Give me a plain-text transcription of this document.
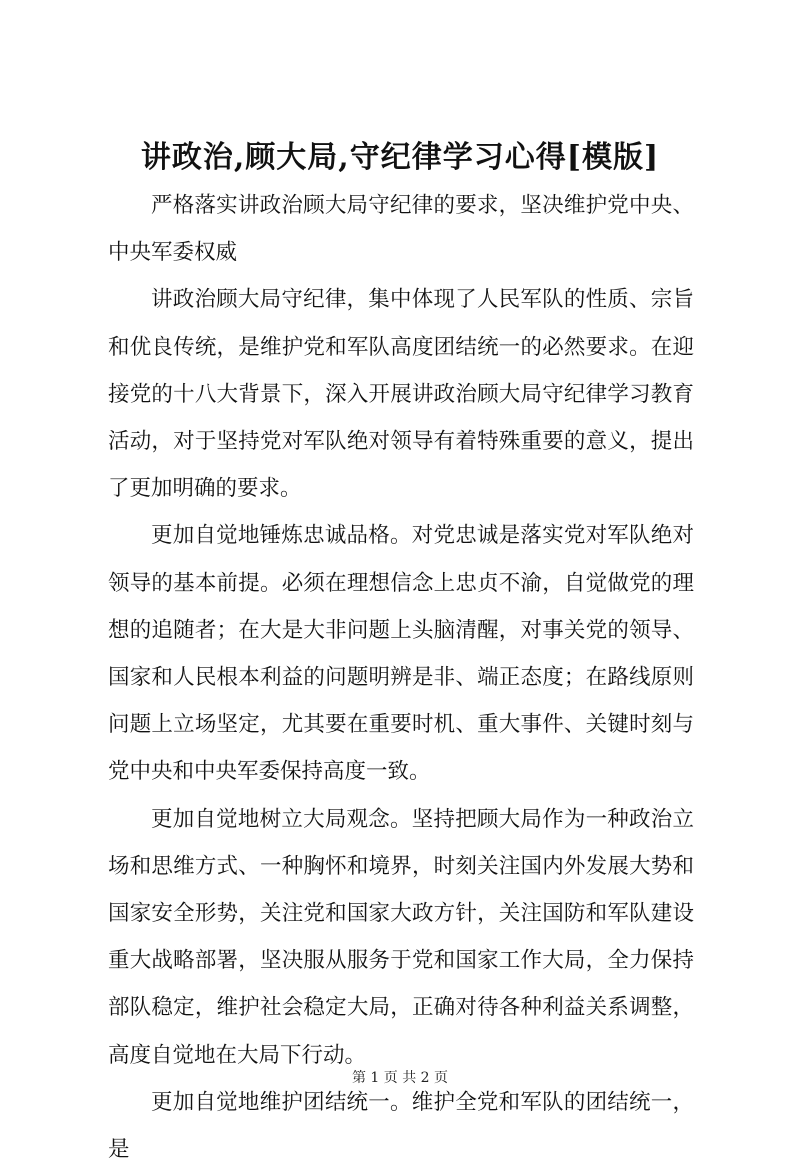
讲政治,顾大局,守纪律学习心得[模版]

严格落实讲政治顾大局守纪律的要求，坚决维护党中央、中央军委权威

讲政治顾大局守纪律，集中体现了人民军队的性质、宗旨和优良传统，是维护党和军队高度团结统一的必然要求。在迎接党的十八大背景下，深入开展讲政治顾大局守纪律学习教育活动，对于坚持党对军队绝对领导有着特殊重要的意义，提出了更加明确的要求。

更加自觉地锤炼忠诚品格。对党忠诚是落实党对军队绝对领导的基本前提。必须在理想信念上忠贞不渝，自觉做党的理想的追随者；在大是大非问题上头脑清醒，对事关党的领导、国家和人民根本利益的问题明辨是非、端正态度；在路线原则问题上立场坚定，尤其要在重要时机、重大事件、关键时刻与党中央和中央军委保持高度一致。

更加自觉地树立大局观念。坚持把顾大局作为一种政治立场和思维方式、一种胸怀和境界，时刻关注国内外发展大势和国家安全形势，关注党和国家大政方针，关注国防和军队建设重大战略部署，坚决服从服务于党和国家工作大局，全力保持部队稳定，维护社会稳定大局，正确对待各种利益关系调整，高度自觉地在大局下行动。

更加自觉地维护团结统一。维护全党和军队的团结统一，是

第 1 页 共 2 页
